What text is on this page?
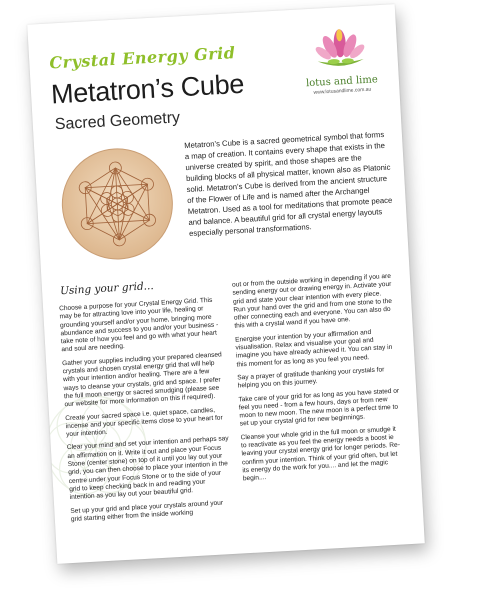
Crystal Energy Grid
Metatron’s Cube
Sacred Geometry
lotus and lime
www.lotusandlime.com.au
Metatron’s Cube is a sacred geometrical symbol that forms a map of creation. It contains every shape that exists in the universe created by spirit, and those shapes are the building blocks of all physical matter, known also as Platonic solid. Metatron’s Cube is derived from the ancient structure of the Flower of Life and is named after the Archangel Metatron. Used as a tool for meditations that promote peace and balance. A beautiful grid for all crystal energy layouts especially personal transformations.
Using your grid...

Choose a purpose for your Crystal Energy Grid. This may be for attracting love into your life, healing or grounding yourself and/or your home, bringing more abundance and success to you and/or your business - take note of how you feel and go with what your heart and soul are needing.

Gather your supplies including your prepared cleansed crystals and chosen crystal energy grid that will help with your intention and/or healing. There are a few ways to cleanse your crystals, grid and space. I prefer the full moon energy or sacred smudging (please see our website for more information on this if required).

Create your sacred space i.e. quiet space, candles, incense and your specific items close to your heart for your intention.

Clear your mind and set your intention and perhaps say an affirmation on it. Write it out and place your Focus Stone (center stone) on top of it until you lay out your grid, you can then choose to place your intention in the centre under your Focus Stone or to the side of your grid to keep checking back in and reading your intention as you lay out your beautiful grid.

Set up your grid and place your crystals around your grid starting either from the inside working

out or from the outside working in depending if you are sending energy out or drawing energy in. Activate your grid and state your clear intention with every piece. Run your hand over the grid and from one stone to the other connecting each and everyone. You can also do this with a crystal wand if you have one.

Energise your intention by your affirmation and visualisation. Relax and visualise your goal and imagine you have already achieved it. You can stay in this moment for as long as you feel you need.

Say a prayer of gratitude thanking your crystals for helping you on this journey.

Take care of your grid for as long as you have stated or feel you need - from a few hours, days or from new moon to new moon. The new moon is a perfect time to set up your crystal grid for new beginnings.

Cleanse your whole grid in the full moon or smudge it to reactivate as you feel the energy needs a boost ie leaving your crystal energy grid for longer periods. Re-confirm your intention. Think of your grid often, but let its energy do the work for you.... and let the magic begin....
